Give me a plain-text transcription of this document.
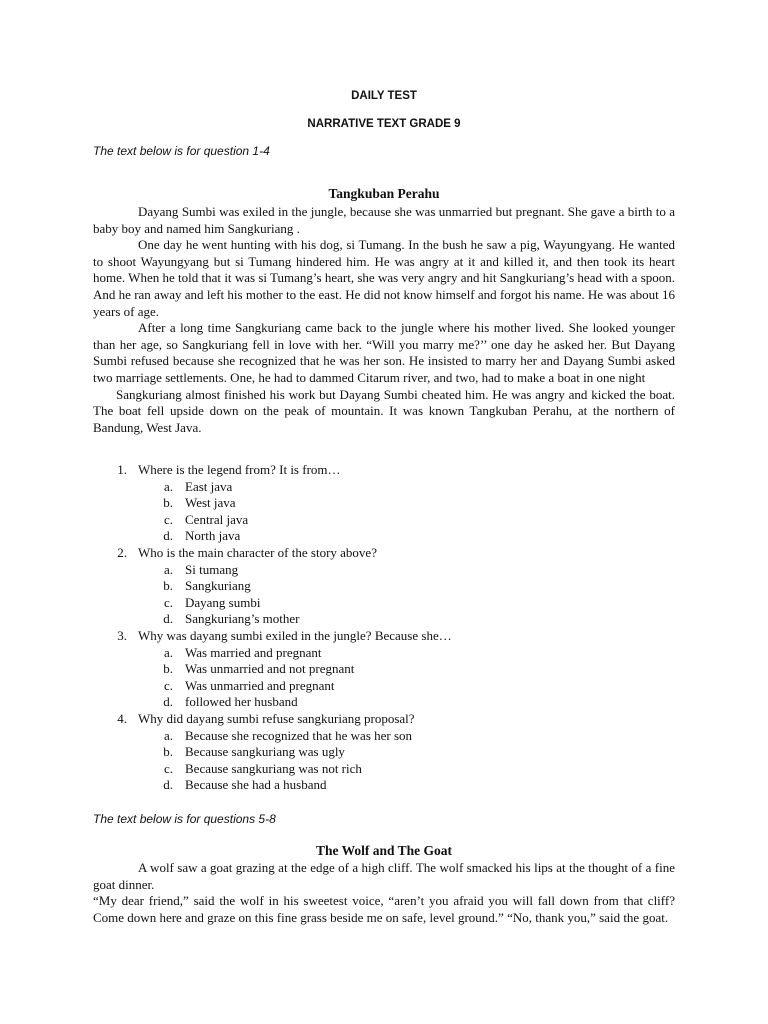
DAILY TEST
NARRATIVE TEXT GRADE 9
The text below is for question 1-4
Tangkuban Perahu

Dayang Sumbi was exiled in the jungle, because she was unmarried but pregnant. She gave a birth to a baby boy and named him Sangkuriang .

One day he went hunting with his dog, si Tumang. In the bush he saw a pig, Wayungyang. He wanted to shoot Wayungyang but si Tumang hindered him. He was angry at it and killed it, and then took its heart home. When he told that it was si Tumang’s heart, she was very angry and hit Sangkuriang’s head with a spoon. And he ran away and left his mother to the east. He did not know himself and forgot his name. He was about 16 years of age.

After a long time Sangkuriang came back to the jungle where his mother lived. She looked younger than her age, so Sangkuriang fell in love with her. “Will you marry me?’’ one day he asked her. But Dayang Sumbi refused because she recognized that he was her son. He insisted to marry her and Dayang Sumbi asked two marriage settlements. One, he had to dammed Citarum river, and two, had to make a boat in one night

Sangkuriang almost finished his work but Dayang Sumbi cheated him. He was angry and kicked the boat. The boat fell upside down on the peak of mountain. It was known Tangkuban Perahu, at the northern of Bandung, West Java.

1. Where is the legend from? It is from…
a. East java
b. West java
c. Central java
d. North java
2. Who is the main character of the story above?
a. Si tumang
b. Sangkuriang
c. Dayang sumbi
d. Sangkuriang’s mother
3. Why was dayang sumbi exiled in the jungle? Because she…
a. Was married and pregnant
b. Was unmarried and not pregnant
c. Was unmarried and pregnant
d. followed her husband
4. Why did dayang sumbi refuse sangkuriang proposal?
a. Because she recognized that he was her son
b. Because sangkuriang was ugly
c. Because sangkuriang was not rich
d. Because she had a husband
The text below is for questions 5-8
The Wolf and The Goat

A wolf saw a goat grazing at the edge of a high cliff. The wolf smacked his lips at the thought of a fine goat dinner.

“My dear friend,” said the wolf in his sweetest voice, “aren’t you afraid you will fall down from that cliff? Come down here and graze on this fine grass beside me on safe, level ground.” “No, thank you,” said the goat.
